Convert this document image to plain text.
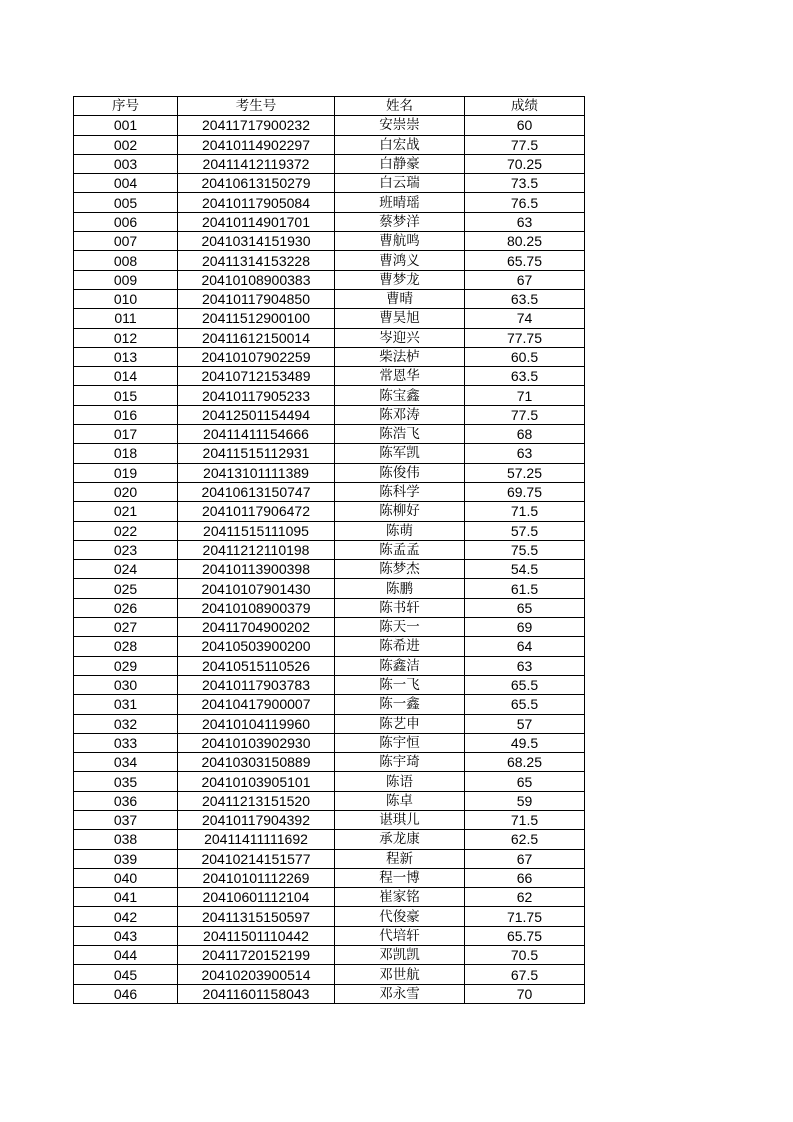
序号	考生号	姓名	成绩
001	20411717900232	安崇崇	60
002	20410114902297	白宏战	77.5
003	20411412119372	白静豪	70.25
004	20410613150279	白云瑞	73.5
005	20410117905084	班晴瑶	76.5
006	20410114901701	蔡梦洋	63
007	20410314151930	曹航鸣	80.25
008	20411314153228	曹鸿义	65.75
009	20410108900383	曹梦龙	67
010	20410117904850	曹晴	63.5
011	20411512900100	曹昊旭	74
012	20411612150014	岑迎兴	77.75
013	20410107902259	柴法栌	60.5
014	20410712153489	常恩华	63.5
015	20410117905233	陈宝鑫	71
016	20412501154494	陈邓涛	77.5
017	20411411154666	陈浩飞	68
018	20411515112931	陈军凯	63
019	20413101111389	陈俊伟	57.25
020	20410613150747	陈科学	69.75
021	20410117906472	陈柳好	71.5
022	20411515111095	陈萌	57.5
023	20411212110198	陈孟孟	75.5
024	20410113900398	陈梦杰	54.5
025	20410107901430	陈鹏	61.5
026	20410108900379	陈书轩	65
027	20411704900202	陈天一	69
028	20410503900200	陈希进	64
029	20410515110526	陈鑫洁	63
030	20410117903783	陈一飞	65.5
031	20410417900007	陈一鑫	65.5
032	20410104119960	陈艺申	57
033	20410103902930	陈宇恒	49.5
034	20410303150889	陈宇琦	68.25
035	20410103905101	陈语	65
036	20411213151520	陈卓	59
037	20410117904392	谌琪儿	71.5
038	20411411111692	承龙康	62.5
039	20410214151577	程新	67
040	20410101112269	程一博	66
041	20410601112104	崔家铭	62
042	20411315150597	代俊豪	71.75
043	20411501110442	代培轩	65.75
044	20411720152199	邓凯凯	70.5
045	20410203900514	邓世航	67.5
046	20411601158043	邓永雪	70
